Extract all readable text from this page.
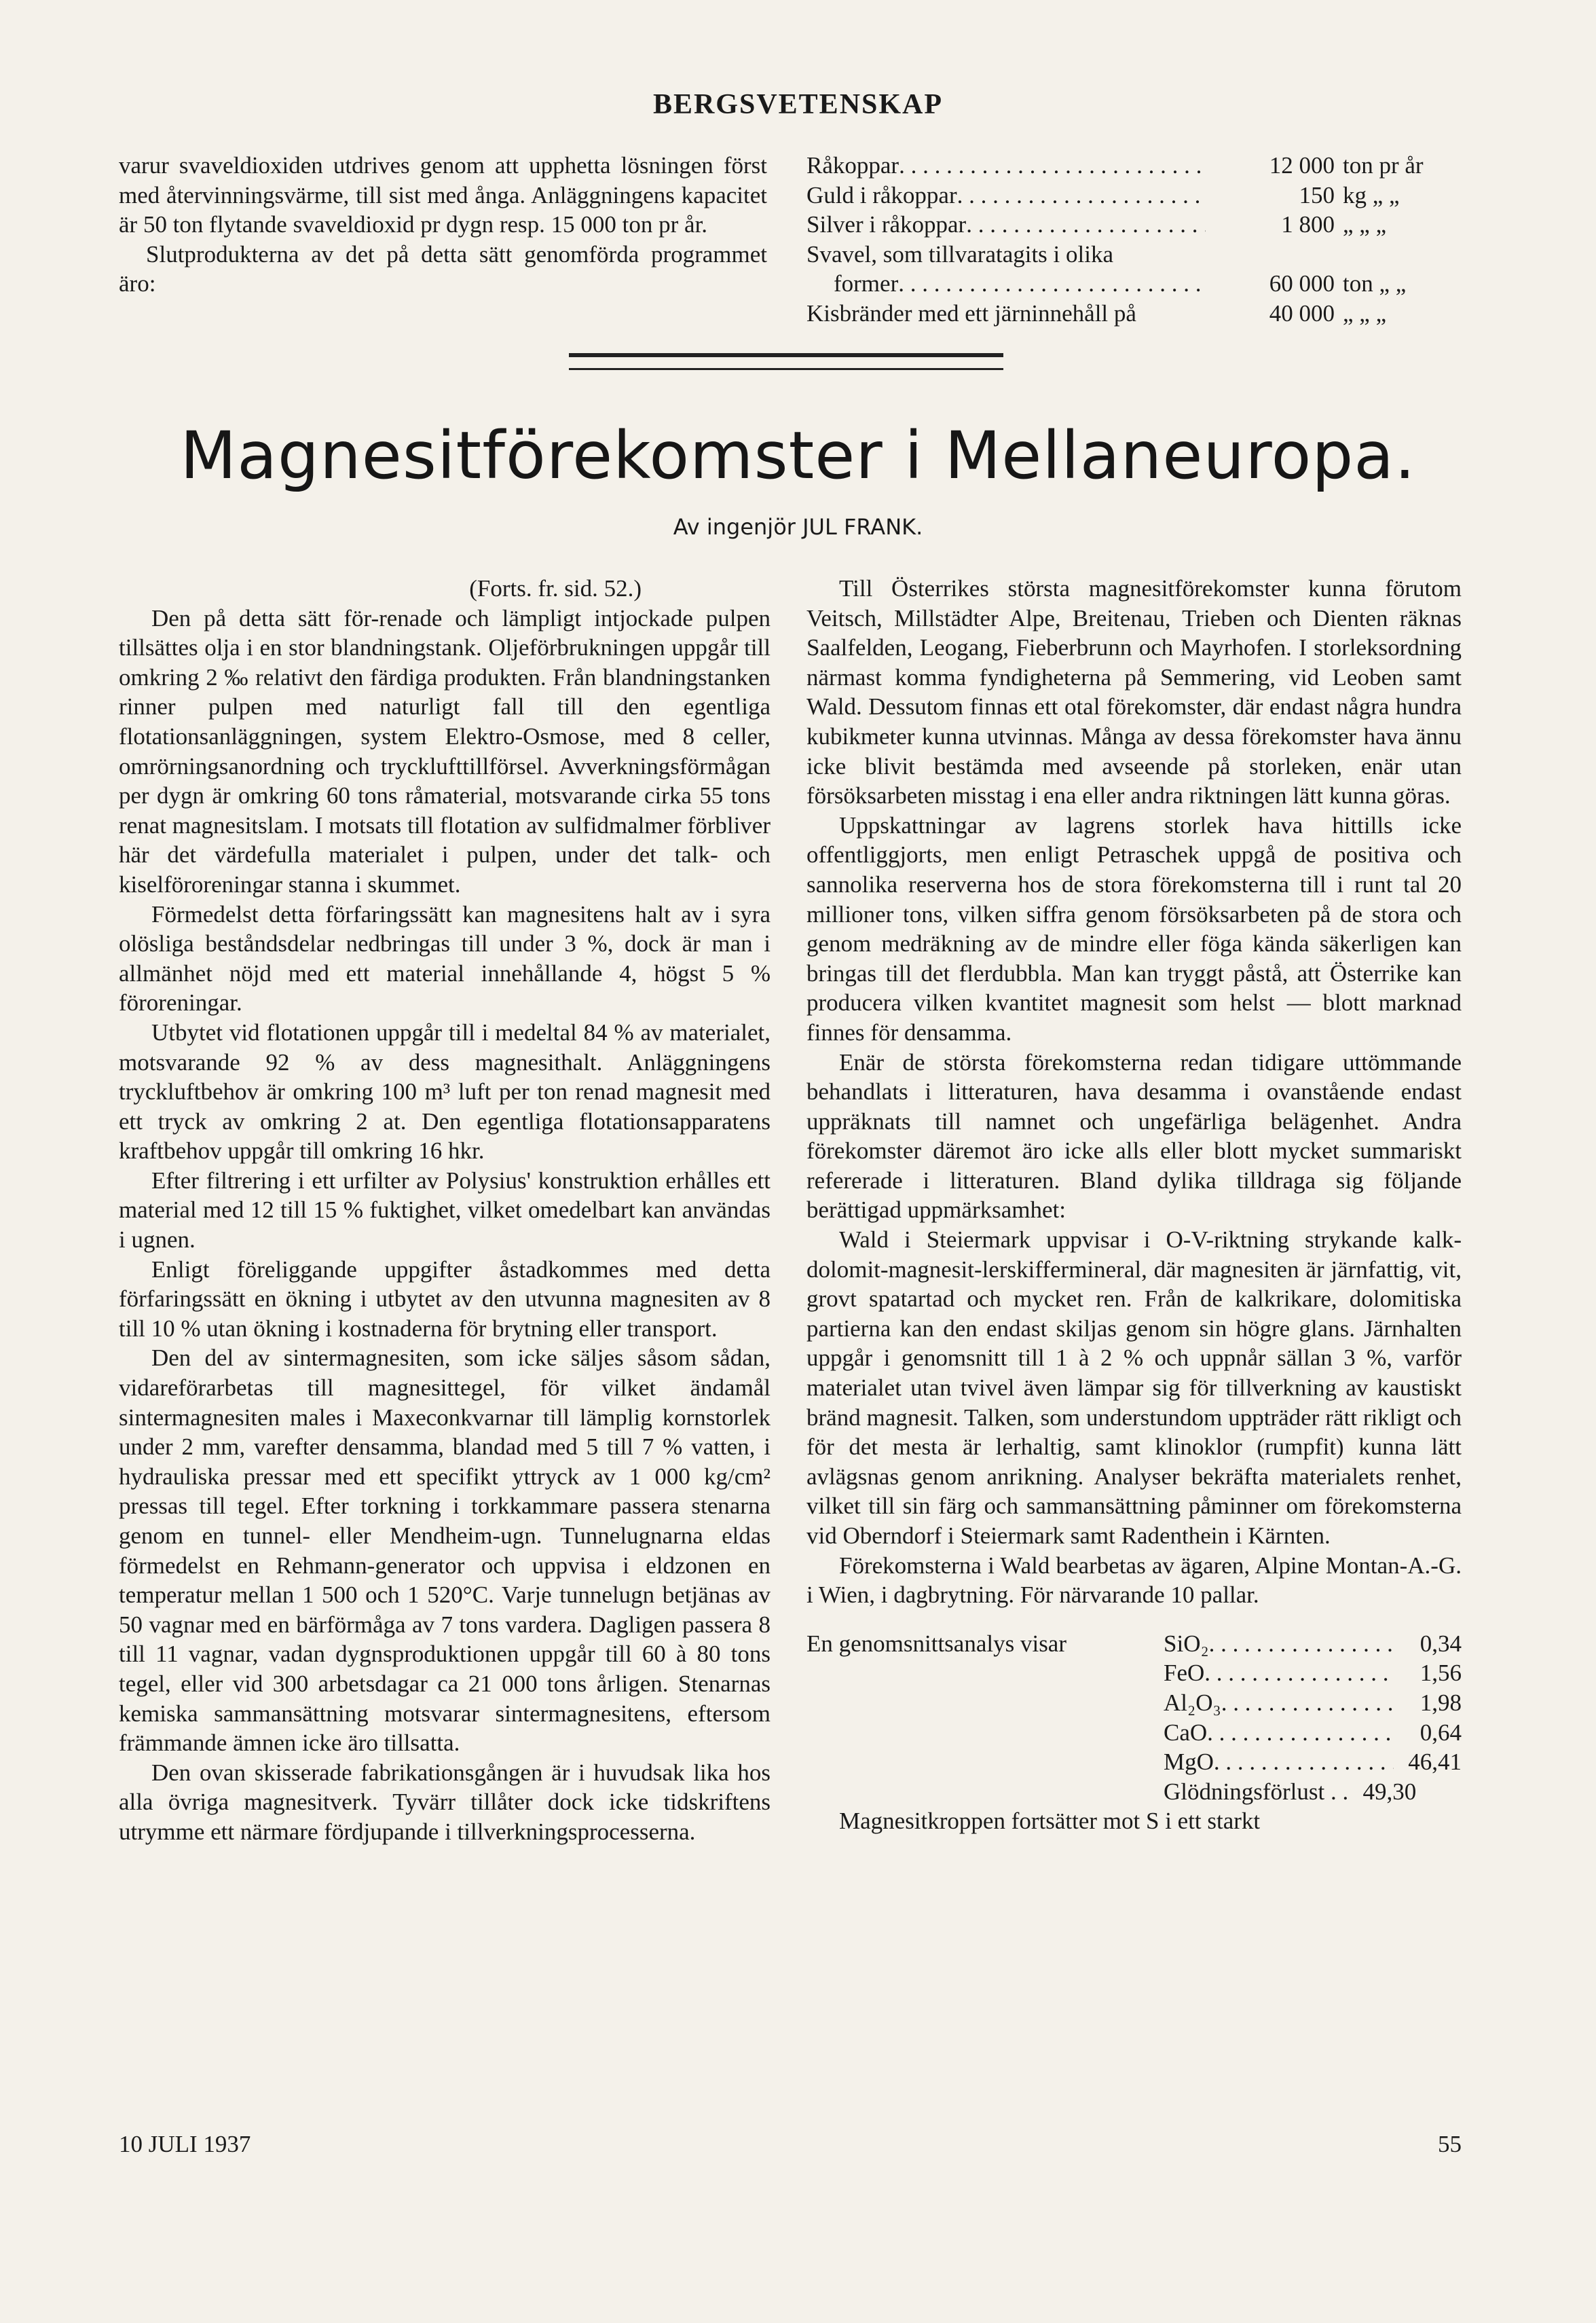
BERGSVETENSKAP

varur svaveldioxiden utdrives genom att upphetta lösningen först med återvinningsvärme, till sist med ånga. Anläggningens kapacitet är 50 ton flytande svaveldioxid pr dygn resp. 15 000 ton pr år.

Slutprodukterna av det på detta sätt genomförda programmet äro:

Råkoppar . . .	12 000 ton pr år
Guld i råkoppar . . .	150 kg „ „
Silver i råkoppar . . .	1 800 „ „ „
Svavel, som tillvaratagits i olika
former . . .	60 000 ton „ „
Kisbränder med ett järninnehåll på	40 000 „ „ „
Magnesitförekomster i Mellaneuropa.
Av ingenjör JUL FRANK.

(Forts. fr. sid. 52.)

Den på detta sätt för-renade och lämpligt intjockade pulpen tillsättes olja i en stor blandningstank. Oljeförbrukningen uppgår till omkring 2 ‰ relativt den färdiga produkten. Från blandningstanken rinner pulpen med naturligt fall till den egentliga flotationsanläggningen, system Elektro-Osmose, med 8 celler, omrörningsanordning och trycklufttillförsel. Avverkningsförmågan per dygn är omkring 60 tons råmaterial, motsvarande cirka 55 tons renat magnesitslam. I motsats till flotation av sulfidmalmer förbliver här det värdefulla materialet i pulpen, under det talk- och kiselföroreningar stanna i skummet.

Förmedelst detta förfaringssätt kan magnesitens halt av i syra olösliga beståndsdelar nedbringas till under 3 %, dock är man i allmänhet nöjd med ett material innehållande 4, högst 5 % föroreningar.

Utbytet vid flotationen uppgår till i medeltal 84 % av materialet, motsvarande 92 % av dess magnesithalt. Anläggningens tryckluftbehov är omkring 100 m³ luft per ton renad magnesit med ett tryck av omkring 2 at. Den egentliga flotationsapparatens kraftbehov uppgår till omkring 16 hkr.

Efter filtrering i ett urfilter av Polysius' konstruktion erhålles ett material med 12 till 15 % fuktighet, vilket omedelbart kan användas i ugnen.

Enligt föreliggande uppgifter åstadkommes med detta förfaringssätt en ökning i utbytet av den utvunna magnesiten av 8 till 10 % utan ökning i kostnaderna för brytning eller transport.

Den del av sintermagnesiten, som icke säljes såsom sådan, vidareförarbetas till magnesittegel, för vilket ändamål sintermagnesiten males i Maxeconkvarnar till lämplig kornstorlek under 2 mm, varefter densamma, blandad med 5 till 7 % vatten, i hydrauliska pressar med ett specifikt yttryck av 1 000 kg/cm² pressas till tegel. Efter torkning i torkkammare passera stenarna genom en tunnel- eller Mendheim-ugn. Tunnelugnarna eldas förmedelst en Rehmann-generator och uppvisa i eldzonen en temperatur mellan 1 500 och 1 520°C. Varje tunnelugn betjänas av 50 vagnar med en bärförmåga av 7 tons vardera. Dagligen passera 8 till 11 vagnar, vadan dygnsproduktionen uppgår till 60 à 80 tons tegel, eller vid 300 arbetsdagar ca 21 000 tons årligen. Stenarnas kemiska sammansättning motsvarar sintermagnesitens, eftersom främmande ämnen icke äro tillsatta.

Den ovan skisserade fabrikationsgången är i huvudsak lika hos alla övriga magnesitverk. Tyvärr tillåter dock icke tidskriftens utrymme ett närmare fördjupande i tillverkningsprocesserna.

Till Österrikes största magnesitförekomster kunna förutom Veitsch, Millstädter Alpe, Breitenau, Trieben och Dienten räknas Saalfelden, Leogang, Fieberbrunn och Mayrhofen. I storleksordning närmast komma fyndigheterna på Semmering, vid Leoben samt Wald. Dessutom finnas ett otal förekomster, där endast några hundra kubikmeter kunna utvinnas. Många av dessa förekomster hava ännu icke blivit bestämda med avseende på storleken, enär utan försöksarbeten misstag i ena eller andra riktningen lätt kunna göras.

Uppskattningar av lagrens storlek hava hittills icke offentliggjorts, men enligt Petraschek uppgå de positiva och sannolika reserverna hos de stora förekomsterna till i runt tal 20 millioner tons, vilken siffra genom försöksarbeten på de stora och genom medräkning av de mindre eller föga kända säkerligen kan bringas till det flerdubbla. Man kan tryggt påstå, att Österrike kan producera vilken kvantitet magnesit som helst — blott marknad finnes för densamma.

Enär de största förekomsterna redan tidigare uttömmande behandlats i litteraturen, hava desamma i ovanstående endast uppräknats till namnet och ungefärliga belägenhet. Andra förekomster däremot äro icke alls eller blott mycket summariskt refererade i litteraturen. Bland dylika tilldraga sig följande berättigad uppmärksamhet:

Wald i Steiermark uppvisar i O-V-riktning strykande kalk-dolomit-magnesit-lerskiffermineral, där magnesiten är järnfattig, vit, grovt spatartad och mycket ren. Från de kalkrikare, dolomitiska partierna kan den endast skiljas genom sin högre glans. Järnhalten uppgår i genomsnitt till 1 à 2 % och uppnår sällan 3 %, varför materialet utan tvivel även lämpar sig för tillverkning av kaustiskt bränd magnesit. Talken, som understundom uppträder rätt rikligt och för det mesta är lerhaltig, samt klinoklor (rumpfit) kunna lätt avlägsnas genom anrikning. Analyser bekräfta materialets renhet, vilket till sin färg och sammansättning påminner om förekomsterna vid Oberndorf i Steiermark samt Radenthein i Kärnten.

Förekomsterna i Wald bearbetas av ägaren, Alpine Montan-A.-G. i Wien, i dagbrytning. För närvarande 10 pallar.

En genomsnittsanalys visar	SiO₂ . . .	0,34
FeO . . .	1,56
Al₂O₃ . . .	1,98
CaO . . .	0,64
MgO . . .	46,41
Glödningsförlust . . 49,30

Magnesitkroppen fortsätter mot S i ett starkt

10 JULI 1937	55
